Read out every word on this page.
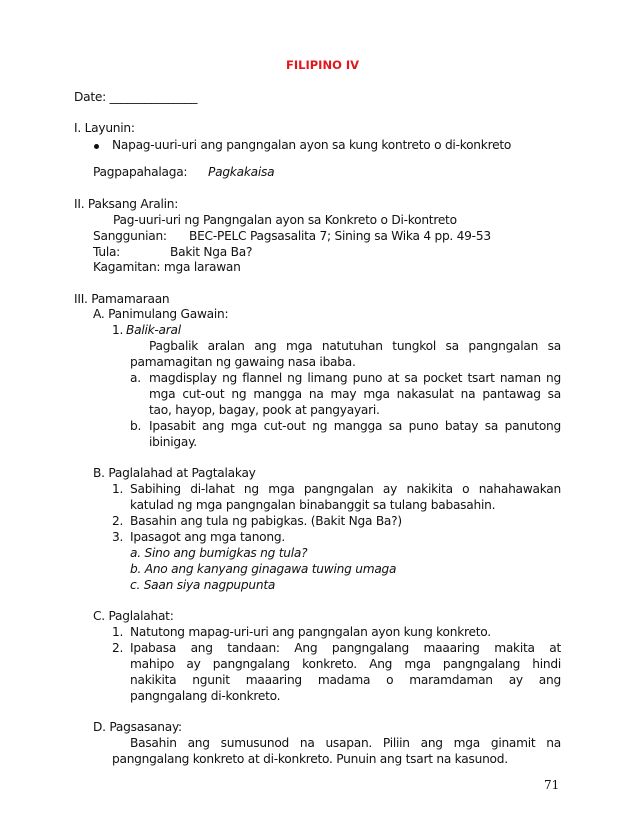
FILIPINO IV
Date: _______________
I. Layunin:
Napag-uuri-uri ang pangngalan ayon sa kung kontreto o di-konkreto
Pagpapahalaga: Pagkakaisa
II. Paksang Aralin:
Pag-uuri-uri ng Pangngalan ayon sa Konkreto o Di-kontreto
Sanggunian: BEC-PELC Pagsasalita 7; Sining sa Wika 4 pp. 49-53
Tula:	Bakit Nga Ba?
Kagamitan: mga larawan
III. Pamamaraan
A. Panimulang Gawain:
1. Balik-aral
Pagbalik aralan ang mga natutuhan tungkol sa pangngalan sa
pamamagitan ng gawaing nasa ibaba.
a. magdisplay ng flannel ng limang puno at sa pocket tsart naman ng
mga cut-out ng mangga na may mga nakasulat na pantawag sa
tao, hayop, bagay, pook at pangyayari.
b. Ipasabit ang mga cut-out ng mangga sa puno batay sa panutong
ibinigay.
B. Paglalahad at Pagtalakay
1. Sabihing di-lahat ng mga pangngalan ay nakikita o nahahawakan
katulad ng mga pangngalan binabanggit sa tulang babasahin.
2. Basahin ang tula ng pabigkas. (Bakit Nga Ba?)
3. Ipasagot ang mga tanong.
a. Sino ang bumigkas ng tula?
b. Ano ang kanyang ginagawa tuwing umaga
c. Saan siya nagpupunta
C. Paglalahat:
1. Natutong mapag-uri-uri ang pangngalan ayon kung konkreto.
2. Ipabasa ang tandaan: Ang pangngalang maaaring makita at
mahipo ay pangngalang konkreto. Ang mga pangngalang hindi
nakikita ngunit maaaring madama o maramdaman ay ang
pangngalang di-konkreto.
D. Pagsasanay:
Basahin ang sumusunod na usapan. Piliin ang mga ginamit na
pangngalang konkreto at di-konkreto. Punuin ang tsart na kasunod.
71
